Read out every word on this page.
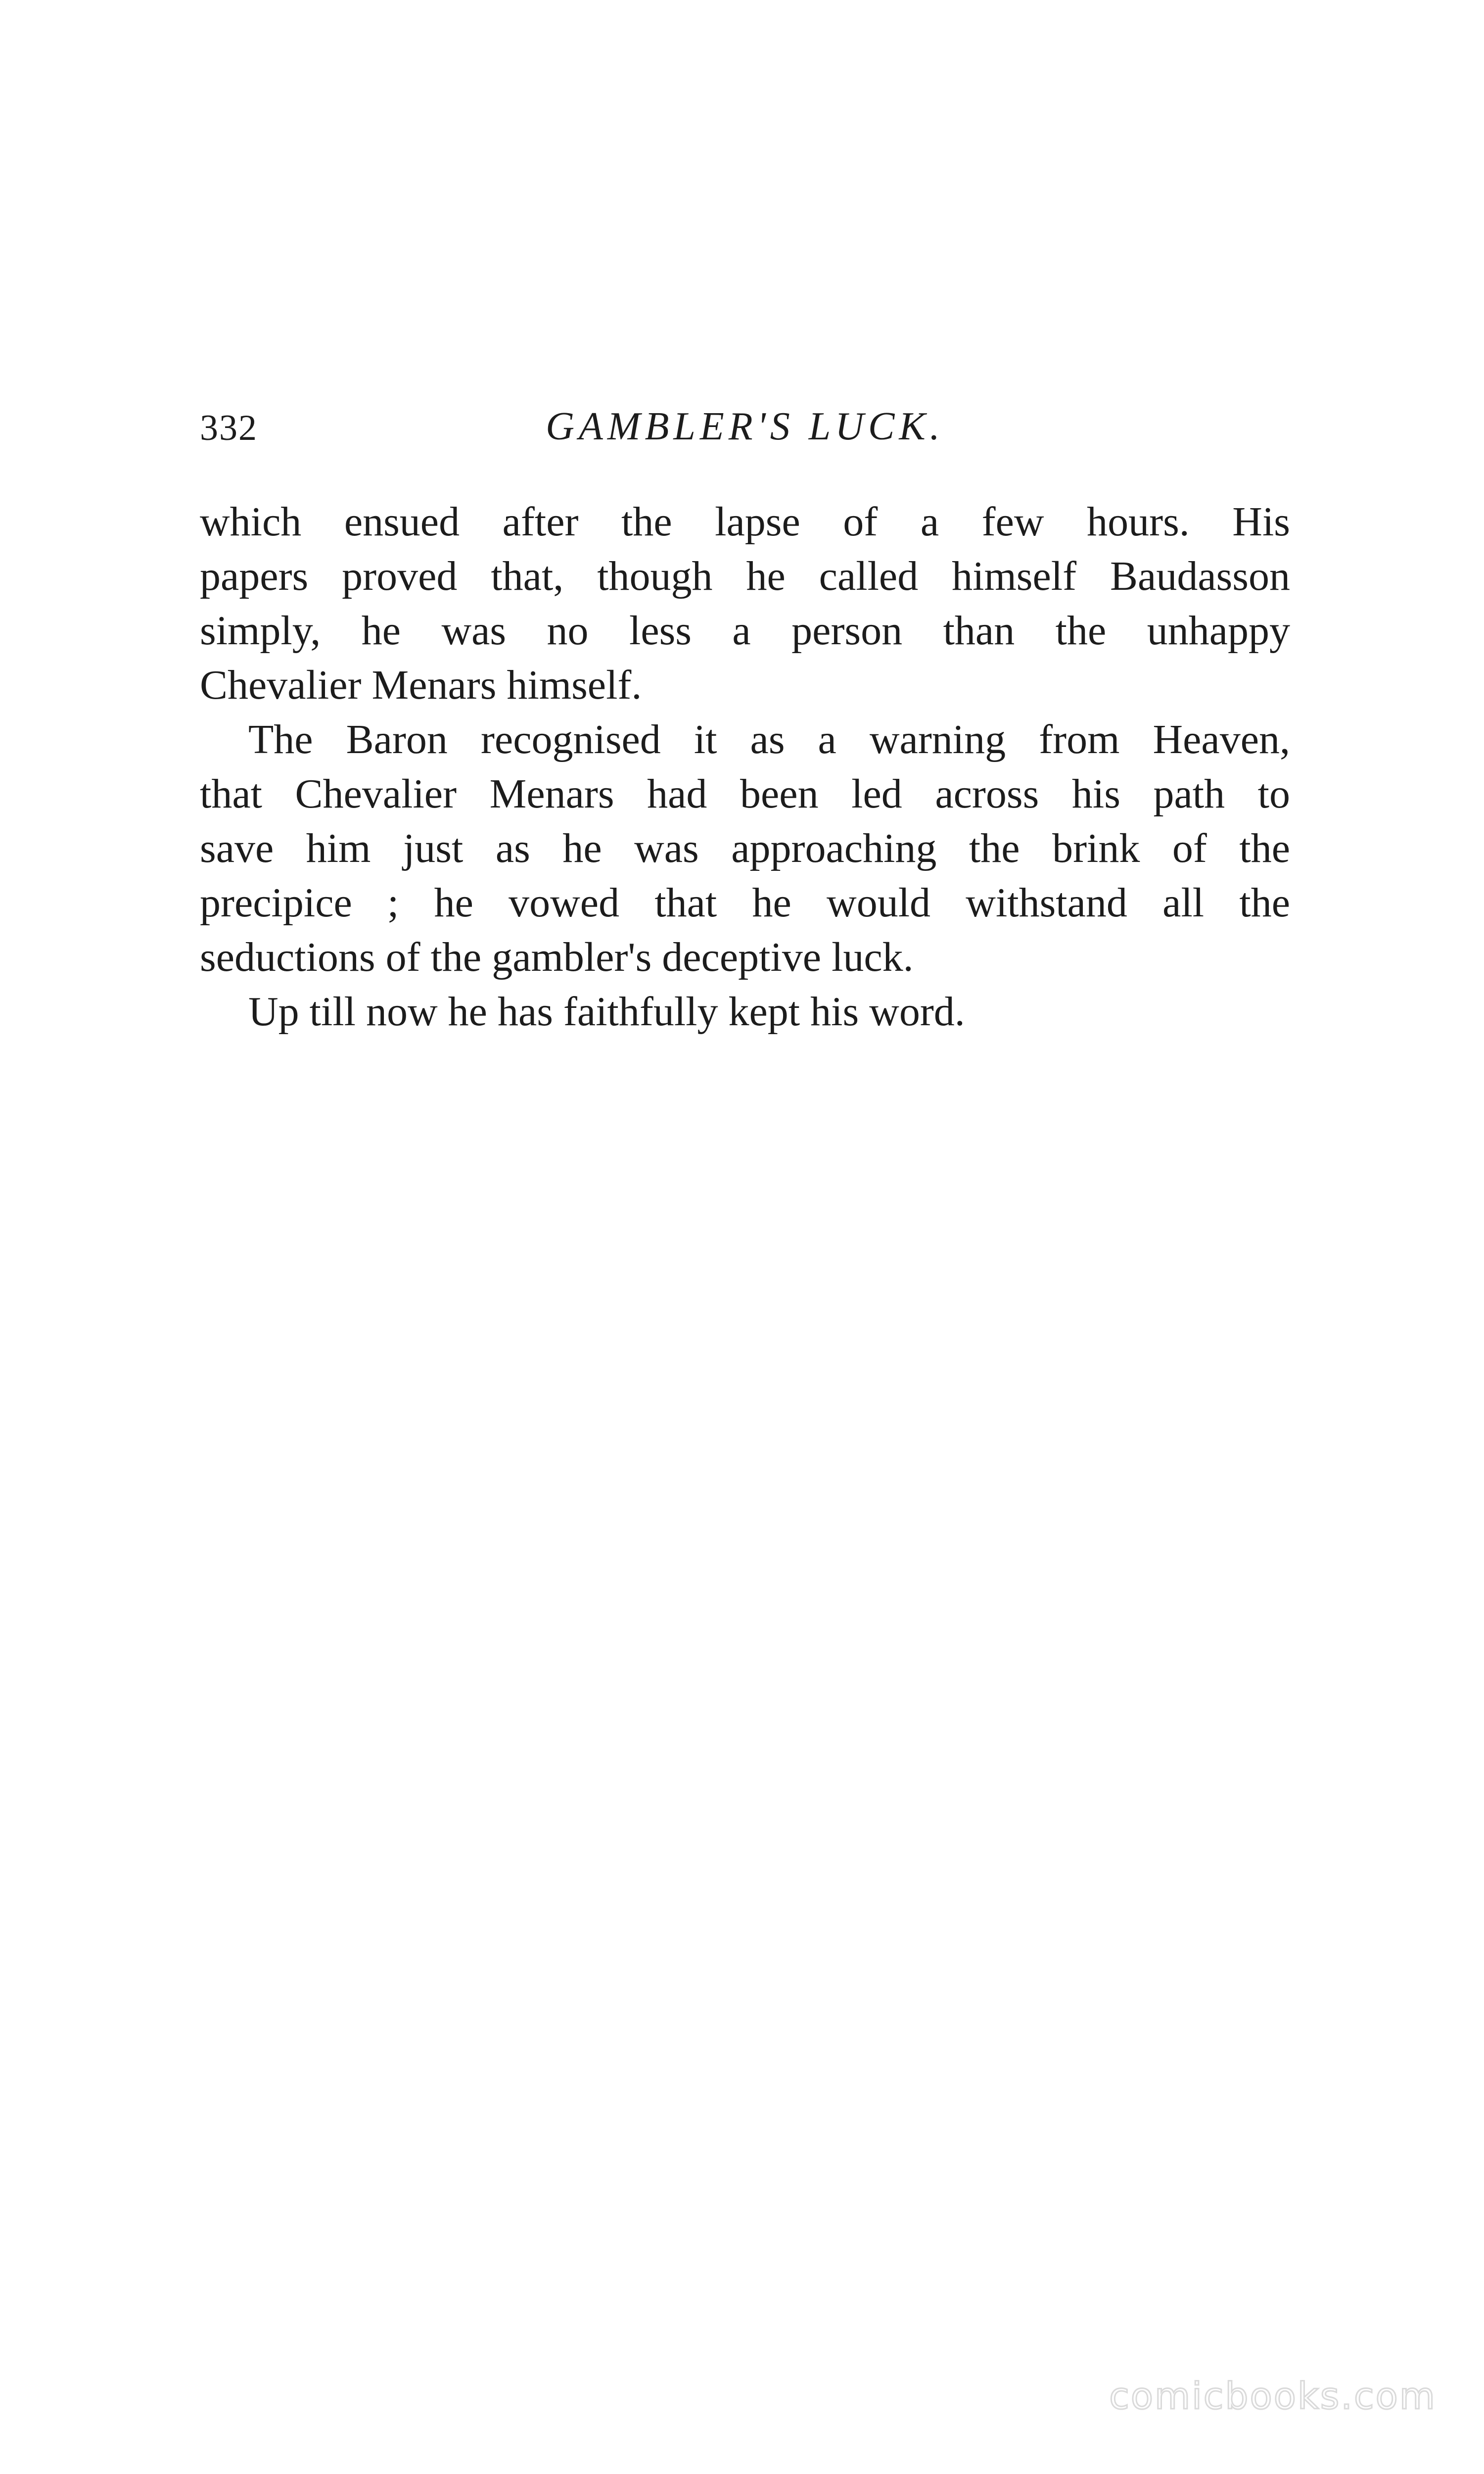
332	GAMBLER'S LUCK.
which ensued after the lapse of a few hours. His
papers proved that, though he called himself Baudasson
simply, he was no less a person than the unhappy
Chevalier Menars himself.
The Baron recognised it as a warning from Heaven,
that Chevalier Menars had been led across his path to
save him just as he was approaching the brink of the
precipice ; he vowed that he would withstand all the
seductions of the gambler's deceptive luck.
Up till now he has faithfully kept his word.
comicbooks.com
